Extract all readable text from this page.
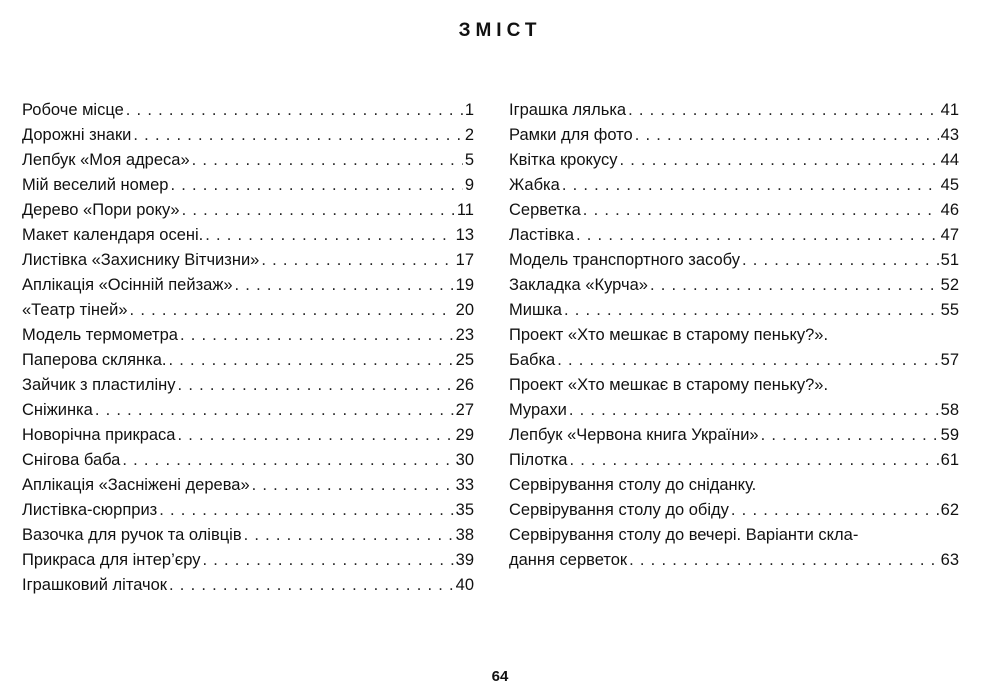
ЗМІСТ
Робоче місце . . .	1
Дорожні знаки . . .	2
Лепбук «Моя адреса» . . .	5
Мій веселий номер . . .	9
Дерево «Пори року» . . .	11
Макет календаря осені. . . .	13
Листівка «Захиснику Вітчизни» . . .	17
Аплікація «Осінній пейзаж» . . .	19
«Театр тіней» . . .	20
Модель термометра . . .	23
Паперова склянка. . . .	25
Зайчик з пластиліну . . .	26
Сніжинка . . .	27
Новорічна прикраса . . .	29
Снігова баба . . .	30
Аплікація «Засніжені дерева» . . .	33
Листівка-сюрприз . . .	35
Вазочка для ручок та олівців . . .	38
Прикраса для інтер’єру . . .	39
Іграшковий літачок . . .	40
Іграшка лялька . . .	41
Рамки для фото . . .	43
Квітка крокусу . . .	44
Жабка . . .	45
Серветка . . .	46
Ластівка . . .	47
Модель транспортного засобу . . .	51
Закладка «Курча» . . .	52
Мишка . . .	55
Проект «Хто мешкає в старому пеньку?».
Бабка . . .	57
Проект «Хто мешкає в старому пеньку?».
Мурахи . . .	58
Лепбук «Червона книга України» . . .	59
Пілотка . . .	61
Сервірування столу до сніданку.
Сервірування столу до обіду . . .	62
Сервірування столу до вечері. Варіанти скла-
дання серветок . . .	63
64
